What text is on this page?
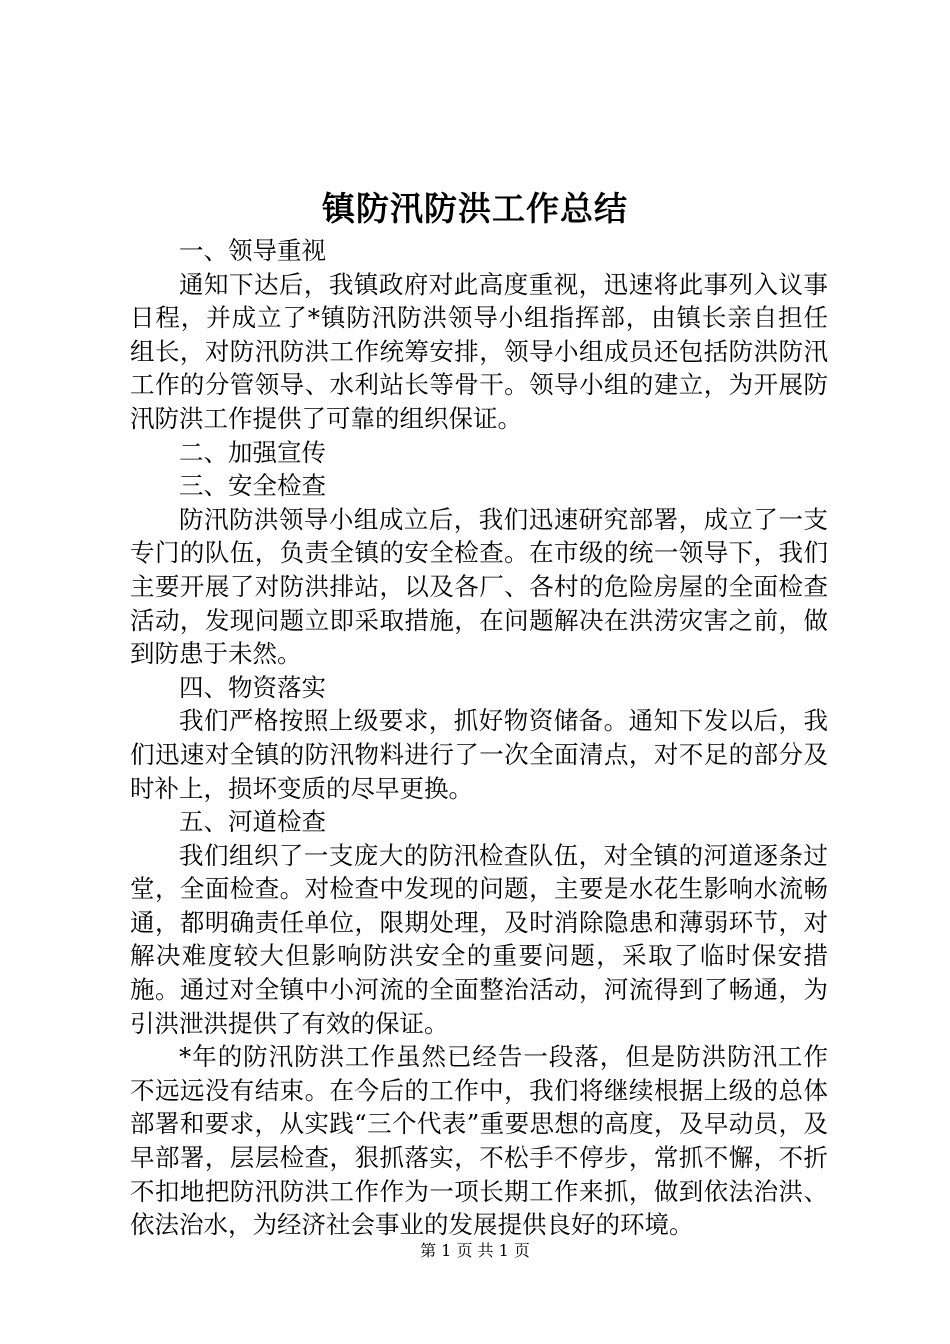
镇防汛防洪工作总结

一、领导重视

通知下达后，我镇政府对此高度重视，迅速将此事列入议事日程，并成立了*镇防汛防洪领导小组指挥部，由镇长亲自担任组长，对防汛防洪工作统筹安排，领导小组成员还包括防洪防汛工作的分管领导、水利站长等骨干。领导小组的建立，为开展防汛防洪工作提供了可靠的组织保证。

二、加强宣传

三、安全检查

防汛防洪领导小组成立后，我们迅速研究部署，成立了一支专门的队伍，负责全镇的安全检查。在市级的统一领导下，我们主要开展了对防洪排站，以及各厂、各村的危险房屋的全面检查活动，发现问题立即采取措施，在问题解决在洪涝灾害之前，做到防患于未然。

四、物资落实

我们严格按照上级要求，抓好物资储备。通知下发以后，我们迅速对全镇的防汛物料进行了一次全面清点，对不足的部分及时补上，损坏变质的尽早更换。

五、河道检查

我们组织了一支庞大的防汛检查队伍，对全镇的河道逐条过堂，全面检查。对检查中发现的问题，主要是水花生影响水流畅通，都明确责任单位，限期处理，及时消除隐患和薄弱环节，对解决难度较大但影响防洪安全的重要问题，采取了临时保安措施。通过对全镇中小河流的全面整治活动，河流得到了畅通，为引洪泄洪提供了有效的保证。

*年的防汛防洪工作虽然已经告一段落，但是防洪防汛工作不远远没有结束。在今后的工作中，我们将继续根据上级的总体部署和要求，从实践“三个代表”重要思想的高度，及早动员，及早部署，层层检查，狠抓落实，不松手不停步，常抓不懈，不折不扣地把防汛防洪工作作为一项长期工作来抓，做到依法治洪、依法治水，为经济社会事业的发展提供良好的环境。

第 1 页 共 1 页
